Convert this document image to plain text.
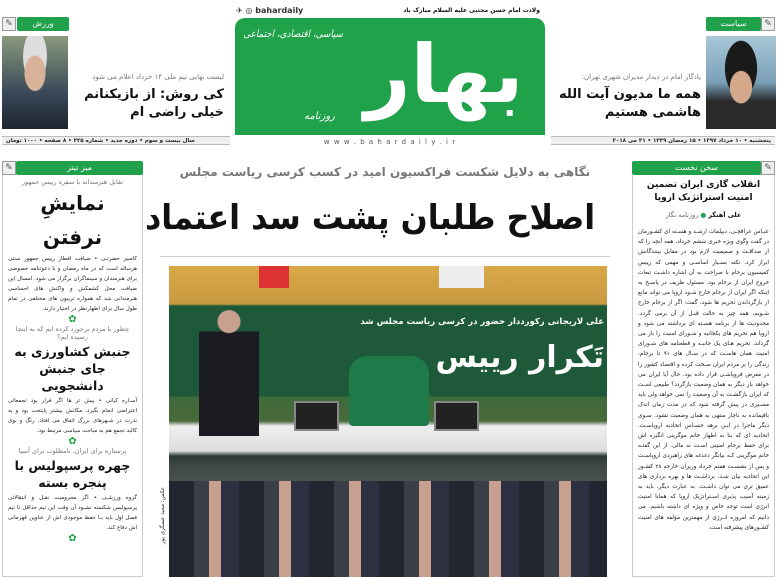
ولادت امام حسن مجتبی علیه السلام مبارک باد
✈ ◎ bahardaily
سیاسی، اقتصادی، اجتماعی بهار
روزنامه
w w w . b a h a r d a i l y . i r
✎	ورزش
لیست نهایی تیم ملی ۱۴ خرداد اعلام می شود
کی روش: از بازیکنانم خیلی راضی ام
سال بیست و سوم • دوره جدید • شماره ۴۲۵ • ۸ صفحه • ۱۰۰۰ تومان
✎
سیاست
یادگار امام در دیدار مدیران شهری تهران:
همه ما مدیون آیت الله هاشمی هستیم
پنجشنبه • ۱۰ خرداد ۱۳۹۷ • ۱۵ رمضان ۱۴۳۹ • ۳۱ می ۲۰۱۸
✎	میز تیتر
تقابل هنرمندانه با سفره رییس جمهور
نمایشِ نرفتن
کامبیز حضرتـی • ضیافت افطار رییس جمهور سنتی هرساله است که در ماه رمضان و با دعوتنامه خصوصی برای هنرمندان و سینماگران برگزار می شود. امسال این ضیافت محل کشمکش و واکنش های احساسی هنرمندانی شد که همواره تریبون های مختلفی در تمام طول سال برای اظهارنظر در اختیار دارند.
✿
چطور با مردم برخورد کرده ایم که به اینجا رسیده ایم؟
جنبش کشاورزی به جای جنبش دانشجویی
آسـاره کیانی • پیش تر ها اگر قرار بود تجمعاتی اعتراضی انجام بگیرد، مکانش بیشتر پایتخت بود و به ندرت در شـهرهای بزرگ اتفاق می افتاد. رنگ و بوی کالبد تجمع هم به مباحث سیاسی مرتبط بود.
✿
پرستاره برای ایران، نامطلوب برای آسیا
چهره پرسپولیس با پنجره بسته
گروه ورزشـی • اگر محرومیت نقـل و انتقالاتی پرسپولیس شکسته نشـود آن وقت این تیم حداقل تا نیم فصل اول باید بـا حفظ موجودی اش از عناوین قهرمانی اش دفاع کند.
✿
نگاهی به دلایل شکست فراکسیون امید در کسب کرسی ریاست مجلس
اصلاح طلبان پشت سد اعتماد
علی لاریجانی رکورددار حضور در کرسی ریاست مجلس شد
تَکرار رییس
عکس: مجید عسگری پور
✎
سخن نخست
انقلاب گازی ایران تضمین امنیت استراتژیک اروپا
علی آهنگر ● روزنامه نگار
عبـاس عراقچـی، دیپلمات ارشـد و هسـته ای کشـورمان در گفت وگوی ویژه خبری ششم خرداد، همه آنچه را که از صداقـت و صمیمیت لازم بود در مقابل بینندگانش ابراز کرد. نکته بسـیار اساسـی و مهمی که رییس کمیسیون برجام با صراحت به آن اشاره داشـت تبعات خروج ایران از برجام بود. مسئول ظریف در پاسـخ به اینکه اگر ایران از برجام خارج شـود اروپا می تواند مانع از بازگرداندن تحریم ها شود، گفت: اگر از برجام خارج شـویم، همه چیز به حالت قبـل از آن برمی گردد. محدودیت ها از برنامه هسـته ای برداشته می شود و اروپا هم تحریم های یکجانبه و شـورای امنیت را باز می گرداند. تحریم هـای یک جانبـه و قطعنامه های شـورای امنیت همان هاسـت که در سـال های ۹۱ تا برجام، زندگی را بر مردم ایران سـخت کرده و اقتصاد کشور را در معرض فروپاشـی قرار داده بود. حال آیا ایران می خواهد بار دیگر به همان وضعیت بازگردد؟ طبیعی اسـت که ایران بازگشـت به آن وضعیت را نمی خواهد ولی باید مسـیری در پیش گرفته شود که در مدت زمان اندک باقیمانده به ناچار منتهی به همان وضعیت نشود. سـوی دیگر ماجرا در ایـن برهه حسـاس اتحادیه اروپاسـت. اتحادیه ای که بنا به اظهار خانم موگرینی انگیزه اش برای حفظ برجام امنیتی اسـت نه مالی. از این گفتـه خانم موگرینی کـه بیانگر دغدغه های راهبردی اروپاسـت و پس از نشسـت هفتم خرداد وزیران خارجه ۲۸ کشـور این اتحادیه بیان شـد، برداشـت ها و بهره برداری های عمیق تری می توان داشـت. به عبارت دیگر، باید به زمینه آسیب پذیری اسـتراتژیک اروپا که همانا امنیت انرژی است توجه خاص و ویژه ای داشته باشیم. می دانیم که امروزه انـرژی از مهمترین مؤلفه های امنیت کشـورهای پیشرفته است.
